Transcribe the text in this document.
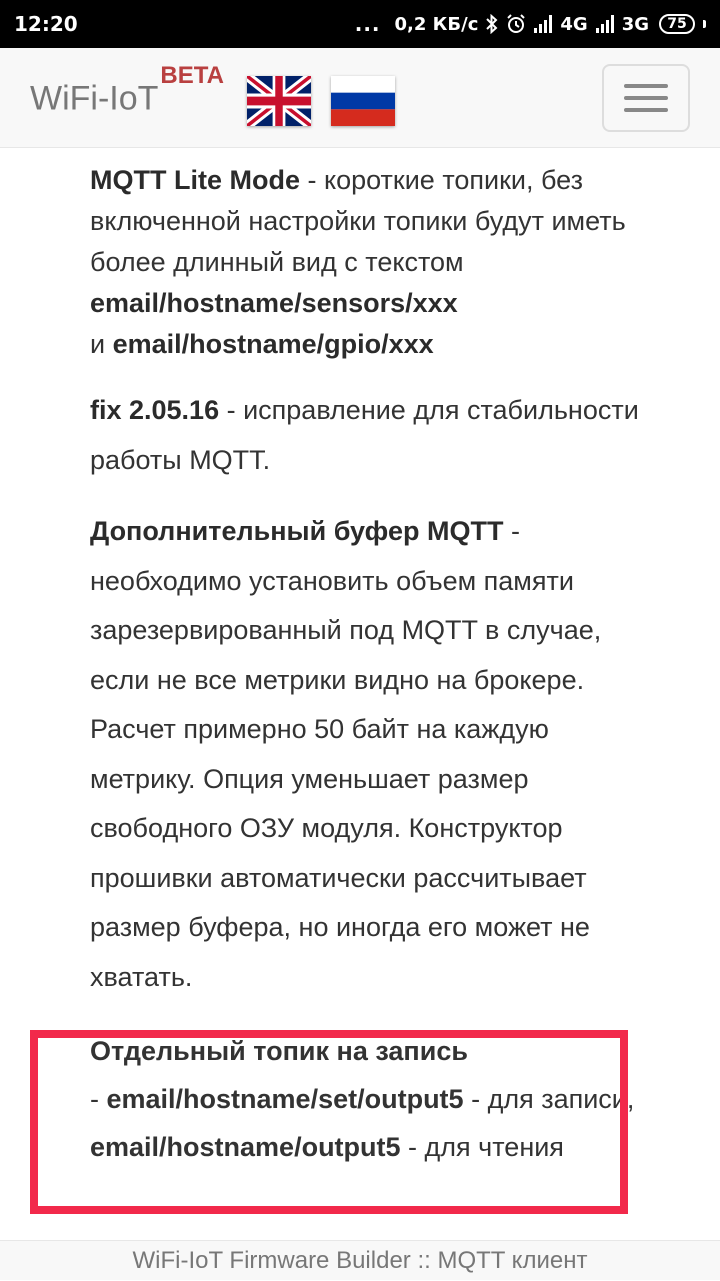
12:20	... 0,2 КБ/с	4G 3G	75
WiFi-IoT$^{BETA}$

MQTT Lite Mode - короткие топики, без включенной настройки топики будут иметь более длинный вид с текстом
email/hostname/sensors/xxx
и email/hostname/gpio/xxx

fix 2.05.16 - исправление для стабильности работы MQTT.

Дополнительный буфер MQTT - необходимо установить объем памяти зарезервированный под MQTT в случае, если не все метрики видно на брокере. Расчет примерно 50 байт на каждую метрику. Опция уменьшает размер свободного ОЗУ модуля. Конструктор прошивки автоматически рассчитывает размер буфера, но иногда его может не хватать.

Отдельный топик на запись
- email/hostname/set/output5 - для записи, email/hostname/output5 - для чтения

WiFi-IoT Firmware Builder :: MQTT клиент
